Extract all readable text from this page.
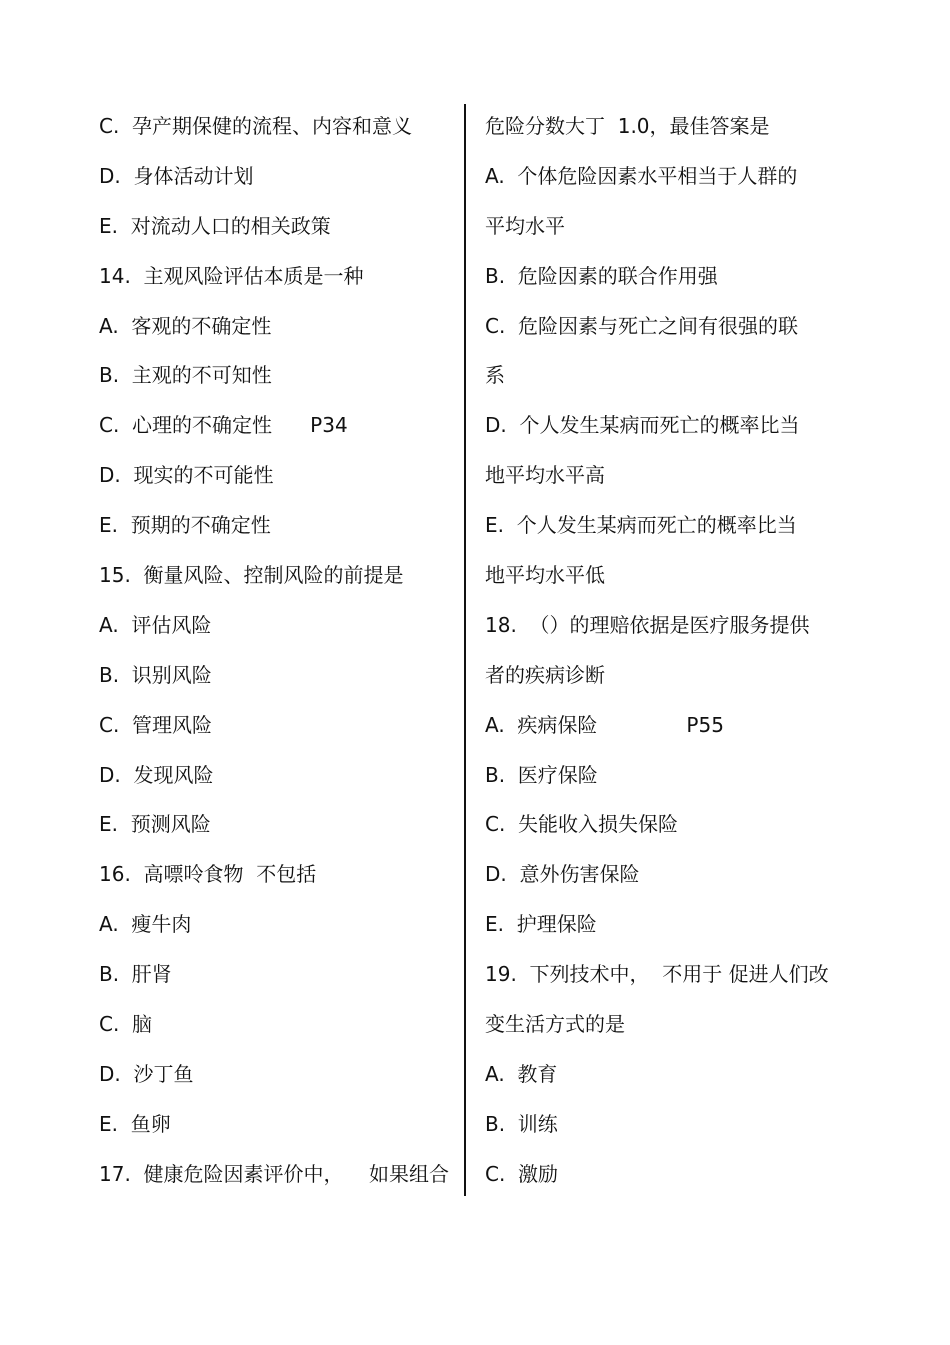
C.  孕产期保健的流程、内容和意义
D.  身体活动计划
E.  对流动人口的相关政策
14.  主观风险评估本质是一种
A.  客观的不确定性
B.  主观的不可知性
C.  心理的不确定性      P34
D.  现实的不可能性
E.  预期的不确定性
15.  衡量风险、控制风险的前提是
A.  评估风险
B.  识别风险
C.  管理风险
D.  发现风险
E.  预测风险
16.  高嘌呤食物  不包括
A.  瘦牛肉
B.  肝肾
C.  脑
D.  沙丁鱼
E.  鱼卵
17.  健康危险因素评价中，    如果组合
危险分数大丁  1.0，最佳答案是
A.  个体危险因素水平相当于人群的
平均水平
B.  危险因素的联合作用强
C.  危险因素与死亡之间有很强的联
系
D.  个人发生某病而死亡的概率比当
地平均水平高
E.  个人发生某病而死亡的概率比当
地平均水平低
18.  （）的理赔依据是医疗服务提供
者的疾病诊断
A.  疾病保险              P55
B.  医疗保险
C.  失能收入损失保险
D.  意外伤害保险
E.  护理保险
19.  下列技术中，  不用于 促进人们改
变生活方式的是
A.  教育
B.  训练
C.  激励
